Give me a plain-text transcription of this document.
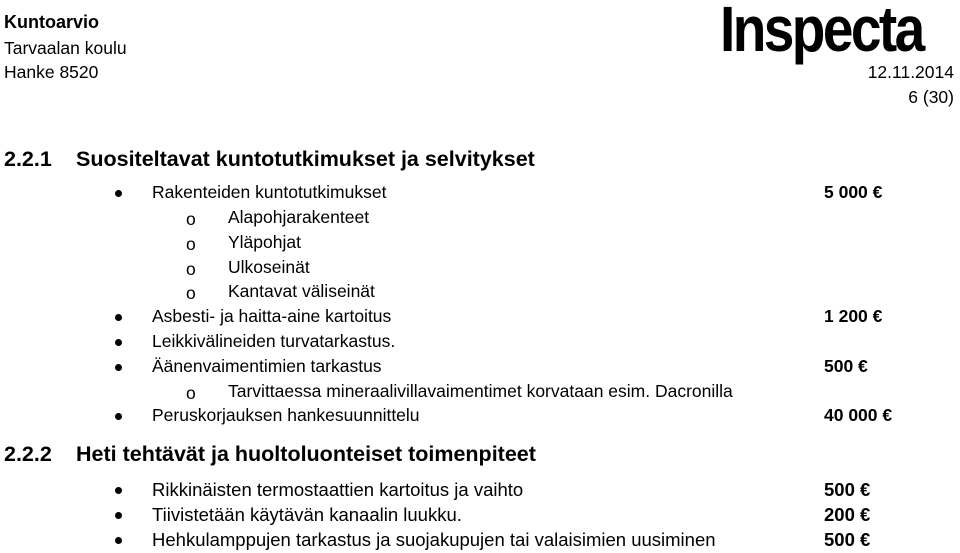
Kuntoarvio
Tarvaalan koulu
Hanke 8520
Inspecta
12.11.2014
6 (30)
2.2.1 Suositeltavat kuntotutkimukset ja selvitykset
Rakenteiden kuntotutkimukset	5 000 €
o Alapohjarakenteet
o Yläpohjat
o Ulkoseinät
o Kantavat väliseinät
Asbesti- ja haitta-aine kartoitus	1 200 €
Leikkivälineiden turvatarkastus.
Äänenvaimentimien tarkastus	500 €
o Tarvittaessa mineraalivillavaimentimet korvataan esim. Dacronilla
Peruskorjauksen hankesuunnittelu	40 000 €
2.2.2 Heti tehtävät ja huoltoluonteiset toimenpiteet
Rikkinäisten termostaattien kartoitus ja vaihto	500 €
Tiivistetään käytävän kanaalin luukku.	200 €
Hehkulamppujen tarkastus ja suojakupujen tai valaisimien uusiminen	500 €
